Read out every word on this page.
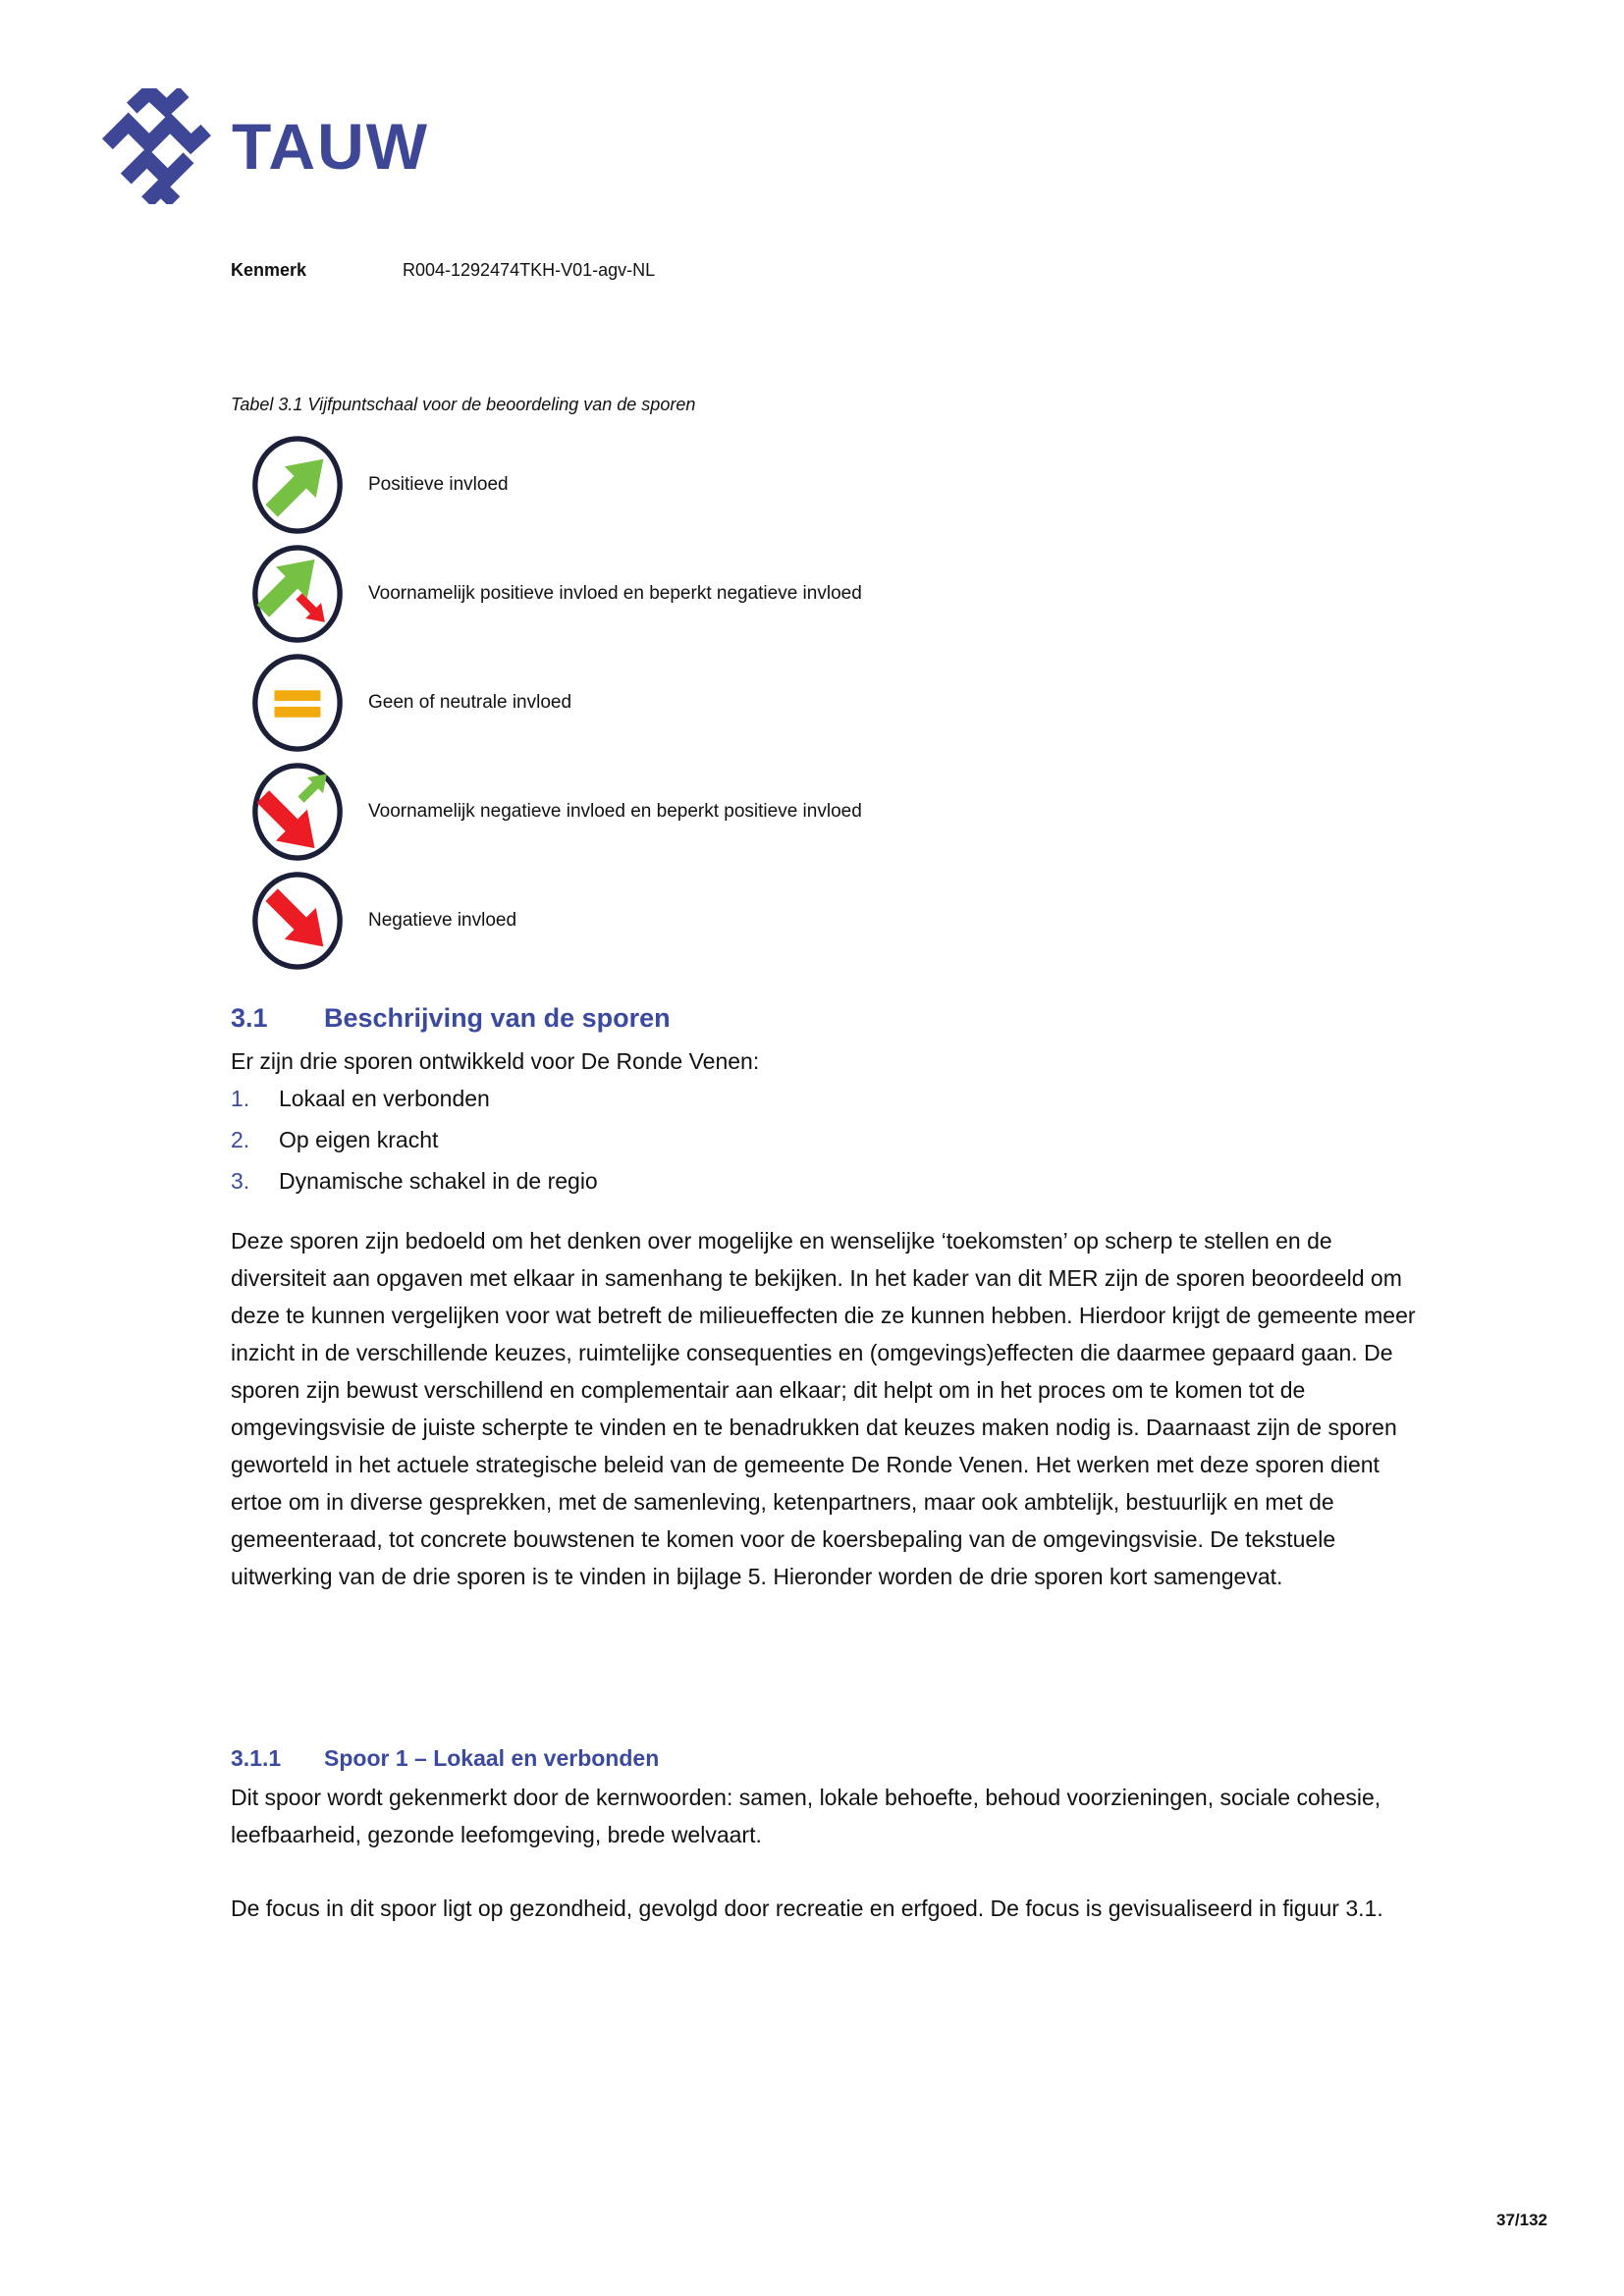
TAUW
Kenmerk	R004-1292474TKH-V01-agv-NL
Tabel 3.1 Vijfpuntschaal voor de beoordeling van de sporen
Positieve invloed
Voornamelijk positieve invloed en beperkt negatieve invloed
Geen of neutrale invloed
Voornamelijk negatieve invloed en beperkt positieve invloed
Negatieve invloed
3.1	Beschrijving van de sporen
Er zijn drie sporen ontwikkeld voor De Ronde Venen:
1.	Lokaal en verbonden
2.	Op eigen kracht
3.	Dynamische schakel in de regio
Deze sporen zijn bedoeld om het denken over mogelijke en wenselijke ‘toekomsten’ op scherp te stellen en de diversiteit aan opgaven met elkaar in samenhang te bekijken. In het kader van dit MER zijn de sporen beoordeeld om deze te kunnen vergelijken voor wat betreft de milieueffecten die ze kunnen hebben. Hierdoor krijgt de gemeente meer inzicht in de verschillende keuzes, ruimtelijke consequenties en (omgevings)effecten die daarmee gepaard gaan. De sporen zijn bewust verschillend en complementair aan elkaar; dit helpt om in het proces om te komen tot de omgevingsvisie de juiste scherpte te vinden en te benadrukken dat keuzes maken nodig is. Daarnaast zijn de sporen geworteld in het actuele strategische beleid van de gemeente De Ronde Venen. Het werken met deze sporen dient ertoe om in diverse gesprekken, met de samenleving, ketenpartners, maar ook ambtelijk, bestuurlijk en met de gemeenteraad, tot concrete bouwstenen te komen voor de koersbepaling van de omgevingsvisie. De tekstuele uitwerking van de drie sporen is te vinden in bijlage 5. Hieronder worden de drie sporen kort samengevat.
3.1.1	Spoor 1 – Lokaal en verbonden
Dit spoor wordt gekenmerkt door de kernwoorden: samen, lokale behoefte, behoud voorzieningen, sociale cohesie, leefbaarheid, gezonde leefomgeving, brede welvaart.
De focus in dit spoor ligt op gezondheid, gevolgd door recreatie en erfgoed. De focus is gevisualiseerd in figuur 3.1.
37/132
